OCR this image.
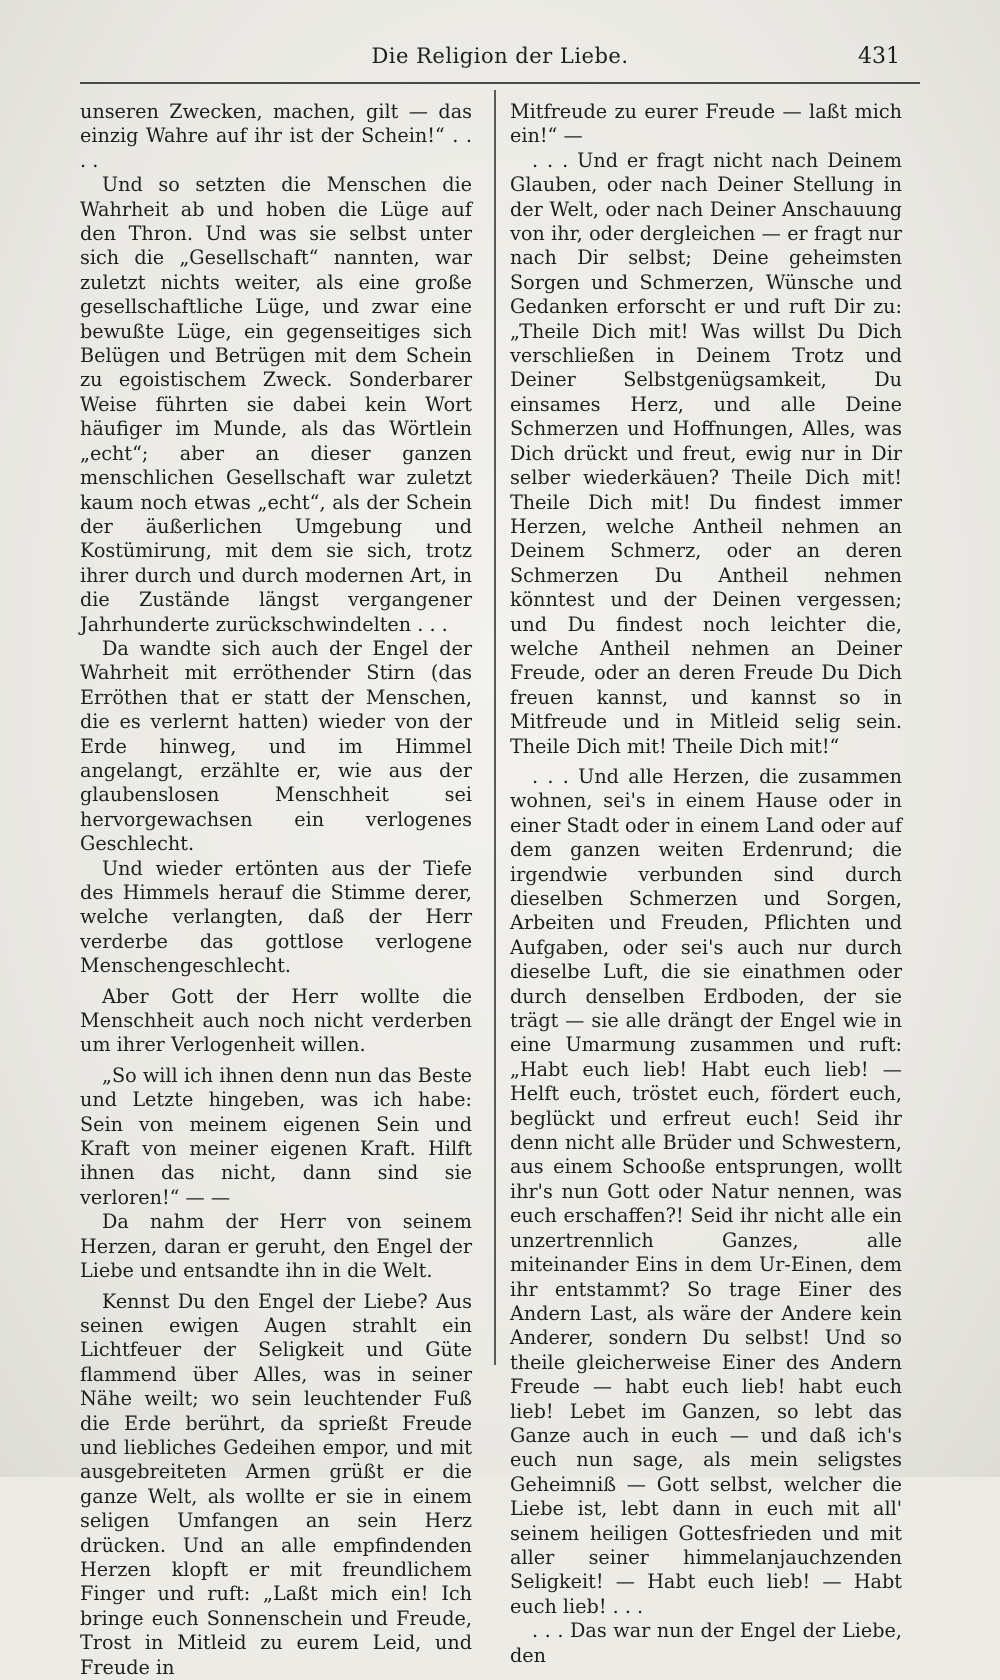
Die Religion der Liebe.	431

unseren Zwecken, machen, gilt — das einzig Wahre auf ihr ist der Schein!“ . . . .

Und so setzten die Menschen die Wahrheit ab und hoben die Lüge auf den Thron. Und was sie selbst unter sich die „Gesellschaft“ nannten, war zuletzt nichts weiter, als eine große gesellschaftliche Lüge, und zwar eine bewußte Lüge, ein gegenseitiges sich Belügen und Betrügen mit dem Schein zu egoistischem Zweck. Sonderbarer Weise führten sie dabei kein Wort häufiger im Munde, als das Wörtlein „echt“; aber an dieser ganzen menschlichen Gesellschaft war zuletzt kaum noch etwas „echt“, als der Schein der äußerlichen Umgebung und Kostümirung, mit dem sie sich, trotz ihrer durch und durch modernen Art, in die Zustände längst vergangener Jahrhunderte zurückschwindelten . . .

Da wandte sich auch der Engel der Wahrheit mit erröthender Stirn (das Erröthen that er statt der Menschen, die es verlernt hatten) wieder von der Erde hinweg, und im Himmel angelangt, erzählte er, wie aus der glaubenslosen Menschheit sei hervorgewachsen ein verlogenes Geschlecht.

Und wieder ertönten aus der Tiefe des Himmels herauf die Stimme derer, welche verlangten, daß der Herr verderbe das gottlose verlogene Menschengeschlecht.

Aber Gott der Herr wollte die Menschheit auch noch nicht verderben um ihrer Verlogenheit willen.

„So will ich ihnen denn nun das Beste und Letzte hingeben, was ich habe: Sein von meinem eigenen Sein und Kraft von meiner eigenen Kraft. Hilft ihnen das nicht, dann sind sie verloren!“ — —

Da nahm der Herr von seinem Herzen, daran er geruht, den Engel der Liebe und entsandte ihn in die Welt.

Kennst Du den Engel der Liebe? Aus seinen ewigen Augen strahlt ein Lichtfeuer der Seligkeit und Güte flammend über Alles, was in seiner Nähe weilt; wo sein leuchtender Fuß die Erde berührt, da sprießt Freude und liebliches Gedeihen empor, und mit ausgebreiteten Armen grüßt er die ganze Welt, als wollte er sie in einem seligen Umfangen an sein Herz drücken. Und an alle empfindenden Herzen klopft er mit freundlichem Finger und ruft: „Laßt mich ein! Ich bringe euch Sonnenschein und Freude, Trost in Mitleid zu eurem Leid, und Freude in

Mitfreude zu eurer Freude — laßt mich ein!“ —

. . . Und er fragt nicht nach Deinem Glauben, oder nach Deiner Stellung in der Welt, oder nach Deiner Anschauung von ihr, oder dergleichen — er fragt nur nach Dir selbst; Deine geheimsten Sorgen und Schmerzen, Wünsche und Gedanken erforscht er und ruft Dir zu: „Theile Dich mit! Was willst Du Dich verschließen in Deinem Trotz und Deiner Selbstgenügsamkeit, Du einsames Herz, und alle Deine Schmerzen und Hoffnungen, Alles, was Dich drückt und freut, ewig nur in Dir selber wiederkäuen? Theile Dich mit! Theile Dich mit! Du findest immer Herzen, welche Antheil nehmen an Deinem Schmerz, oder an deren Schmerzen Du Antheil nehmen könntest und der Deinen vergessen; und Du findest noch leichter die, welche Antheil nehmen an Deiner Freude, oder an deren Freude Du Dich freuen kannst, und kannst so in Mitfreude und in Mitleid selig sein. Theile Dich mit! Theile Dich mit!“

. . . Und alle Herzen, die zusammen wohnen, sei's in einem Hause oder in einer Stadt oder in einem Land oder auf dem ganzen weiten Erdenrund; die irgendwie verbunden sind durch dieselben Schmerzen und Sorgen, Arbeiten und Freuden, Pflichten und Aufgaben, oder sei's auch nur durch dieselbe Luft, die sie einathmen oder durch denselben Erdboden, der sie trägt — sie alle drängt der Engel wie in eine Umarmung zusammen und ruft: „Habt euch lieb! Habt euch lieb! — Helft euch, tröstet euch, fördert euch, beglückt und erfreut euch! Seid ihr denn nicht alle Brüder und Schwestern, aus einem Schooße entsprungen, wollt ihr's nun Gott oder Natur nennen, was euch erschaffen?! Seid ihr nicht alle ein unzertrennlich Ganzes, alle miteinander Eins in dem Ur-Einen, dem ihr entstammt? So trage Einer des Andern Last, als wäre der Andere kein Anderer, sondern Du selbst! Und so theile gleicherweise Einer des Andern Freude — habt euch lieb! habt euch lieb! Lebet im Ganzen, so lebt das Ganze auch in euch — und daß ich's euch nun sage, als mein seligstes Geheimniß — Gott selbst, welcher die Liebe ist, lebt dann in euch mit all' seinem heiligen Gottesfrieden und mit aller seiner himmelanjauchzenden Seligkeit! — Habt euch lieb! — Habt euch lieb! . . .

. . . Das war nun der Engel der Liebe, den
